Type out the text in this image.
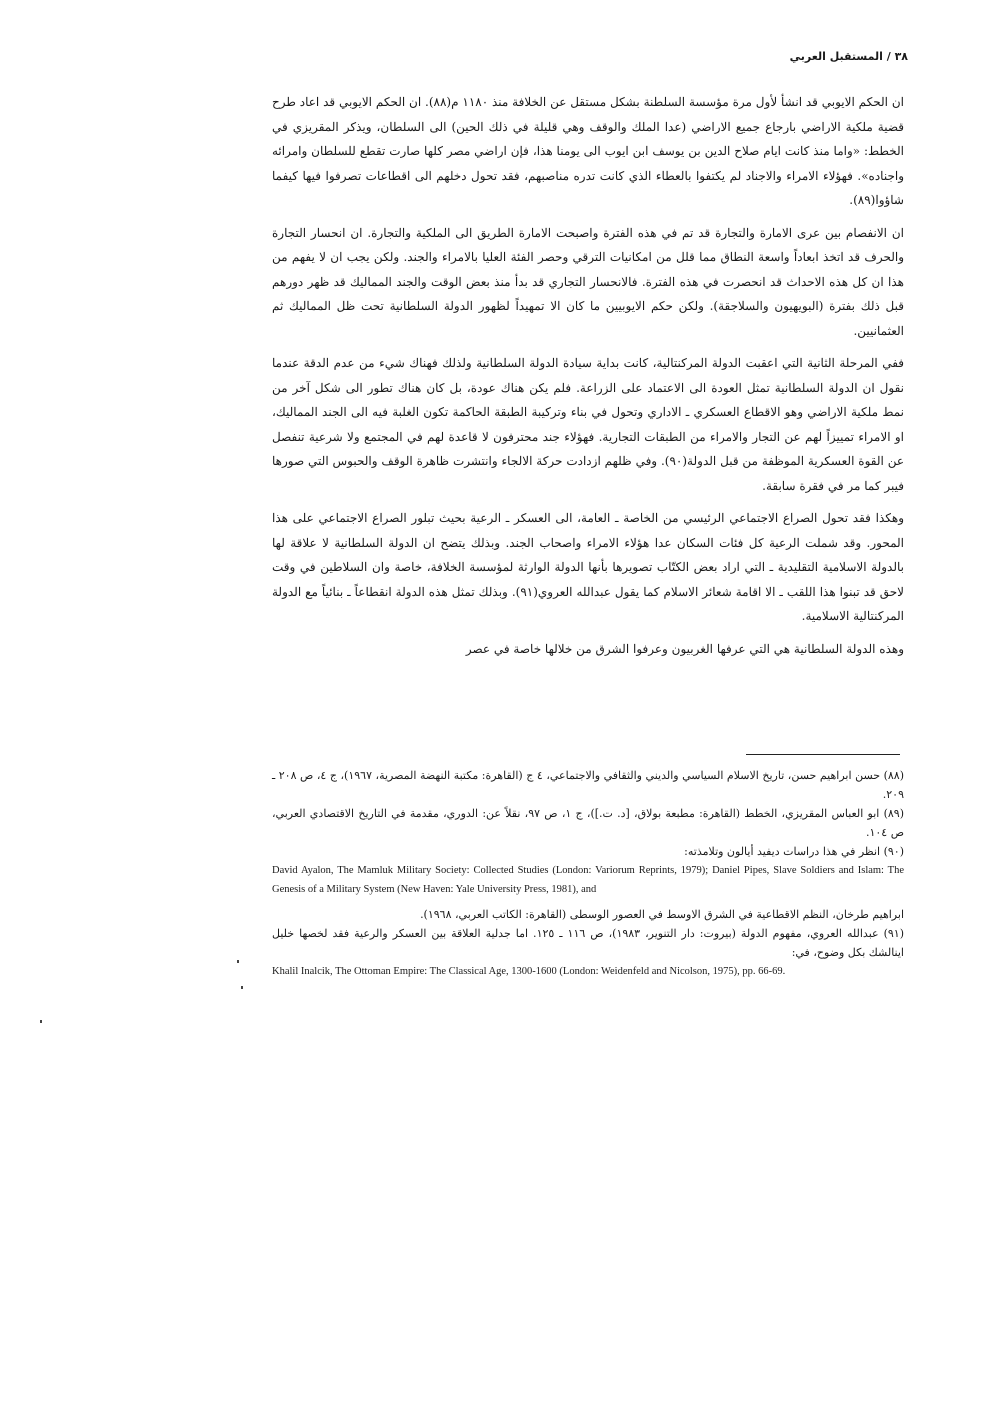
٣٨ / المستقبل العربي

ان الحكم الايوبي قد انشأ لأول مرة مؤسسة السلطنة بشكل مستقل عن الخلافة منذ ١١٨٠ م(٨٨). ان الحكم الايوبي قد اعاد طرح قضية ملكية الاراضي بارجاع جميع الاراضي (عدا الملك والوقف وهي قليلة في ذلك الحين) الى السلطان، ويذكر المقريزي في الخطط: «واما منذ كانت ايام صلاح الدين بن يوسف ابن ايوب الى يومنا هذا، فإن اراضي مصر كلها صارت تقطع للسلطان وامرائه واجناده». فهؤلاء الامراء والاجناد لم يكتفوا بالعطاء الذي كانت تدره مناصبهم، فقد تحول دخلهم الى اقطاعات تصرفوا فيها كيفما شاؤوا(٨٩).

ان الانفصام بين عرى الامارة والتجارة قد تم في هذه الفترة واصبحت الامارة الطريق الى الملكية والتجارة. ان انحسار التجارة والحرف قد اتخذ ابعاداً واسعة النطاق مما قلل من امكانيات الترقي وحصر الفئة العليا بالامراء والجند. ولكن يجب ان لا يفهم من هذا ان كل هذه الاحداث قد انحصرت في هذه الفترة. فالانحسار التجاري قد بدأ منذ بعض الوقت والجند المماليك قد ظهر دورهم قبل ذلك بفترة (البويهيون والسلاجقة). ولكن حكم الايوبيين ما كان الا تمهيداً لظهور الدولة السلطانية تحت ظل المماليك ثم العثمانيين.

ففي المرحلة الثانية التي اعقبت الدولة المركنتالية، كانت بداية سيادة الدولة السلطانية ولذلك فهناك شيء من عدم الدقة عندما نقول ان الدولة السلطانية تمثل العودة الى الاعتماد على الزراعة. فلم يكن هناك عودة، بل كان هناك تطور الى شكل آخر من نمط ملكية الاراضي وهو الاقطاع العسكري ـ الاداري وتحول في بناء وتركيبة الطبقة الحاكمة تكون الغلبة فيه الى الجند المماليك، او الامراء تمييزاً لهم عن التجار والامراء من الطبقات التجارية. فهؤلاء جند محترفون لا قاعدة لهم في المجتمع ولا شرعية تنفصل عن القوة العسكرية الموظفة من قبل الدولة(٩٠). وفي ظلهم ازدادت حركة الالجاء وانتشرت ظاهرة الوقف والحبوس التي صورها فيبر كما مر في فقرة سابقة.

وهكذا فقد تحول الصراع الاجتماعي الرئيسي من الخاصة ـ العامة، الى العسكر ـ الرعية بحيث تبلور الصراع الاجتماعي على هذا المحور. وقد شملت الرعية كل فئات السكان عدا هؤلاء الامراء واصحاب الجند. وبذلك يتضح ان الدولة السلطانية لا علاقة لها بالدولة الاسلامية التقليدية ـ التي اراد بعض الكتّاب تصويرها بأنها الدولة الوارثة لمؤسسة الخلافة، خاصة وان السلاطين في وقت لاحق قد تبنوا هذا اللقب ـ الا اقامة شعائر الاسلام كما يقول عبدالله العروي(٩١). وبذلك تمثل هذه الدولة انقطاعاً ـ بنائياً مع الدولة المركنتالية الاسلامية.

وهذه الدولة السلطانية هي التي عرفها الغربيون وعرفوا الشرق من خلالها خاصة في عصر

(٨٨) حسن ابراهيم حسن، تاريخ الاسلام السياسي والديني والثقافي والاجتماعي، ٤ ج (القاهرة: مكتبة النهضة المصرية، ١٩٦٧)، ج ٤، ص ٢٠٨ ـ ٢٠٩.

(٨٩) ابو العباس المقريزي، الخطط (القاهرة: مطبعة بولاق، [د. ت.])، ج ١، ص ٩٧، نقلاً عن: الدوري، مقدمة في التاريخ الاقتصادي العربي، ص ١٠٤.

(٩٠) انظر في هذا دراسات ديفيد أيالون وتلامذته:

David Ayalon, The Mamluk Military Society: Collected Studies (London: Variorum Reprints, 1979); Daniel Pipes, Slave Soldiers and Islam: The Genesis of a Military System (New Haven: Yale University Press, 1981), and

ابراهيم طرخان، النظم الاقطاعية في الشرق الاوسط في العصور الوسطى (القاهرة: الكاتب العربي، ١٩٦٨).

(٩١) عبدالله العروي، مفهوم الدولة (بيروت: دار التنوير، ١٩٨٣)، ص ١١٦ ـ ١٢٥. اما جدلية العلاقة بين العسكر والرعية فقد لخصها خليل اينالشك بكل وضوح، في:

Khalil Inalcik, The Ottoman Empire: The Classical Age, 1300-1600 (London: Weidenfeld and Nicolson, 1975), pp. 66-69.
